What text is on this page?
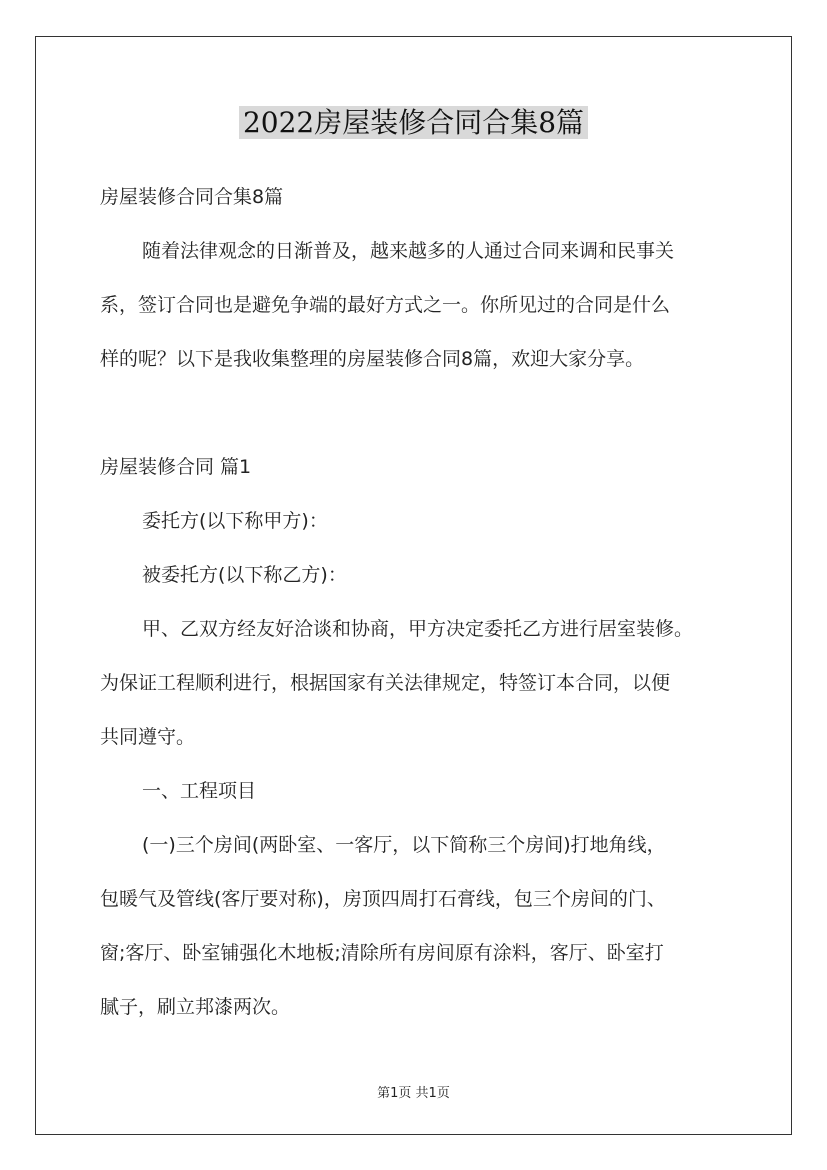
2022房屋装修合同合集8篇
房屋装修合同合集8篇
随着法律观念的日渐普及，越来越多的人通过合同来调和民事关
系，签订合同也是避免争端的最好方式之一。你所见过的合同是什么
样的呢？以下是我收集整理的房屋装修合同8篇，欢迎大家分享。
房屋装修合同 篇1
委托方(以下称甲方)：
被委托方(以下称乙方)：
甲、乙双方经友好洽谈和协商，甲方决定委托乙方进行居室装修。
为保证工程顺利进行，根据国家有关法律规定，特签订本合同，以便
共同遵守。
一、工程项目
(一)三个房间(两卧室、一客厅，以下简称三个房间)打地角线，
包暖气及管线(客厅要对称)，房顶四周打石膏线，包三个房间的门、
窗;客厅、卧室铺强化木地板;清除所有房间原有涂料，客厅、卧室打
腻子，刷立邦漆两次。
第1页 共1页
